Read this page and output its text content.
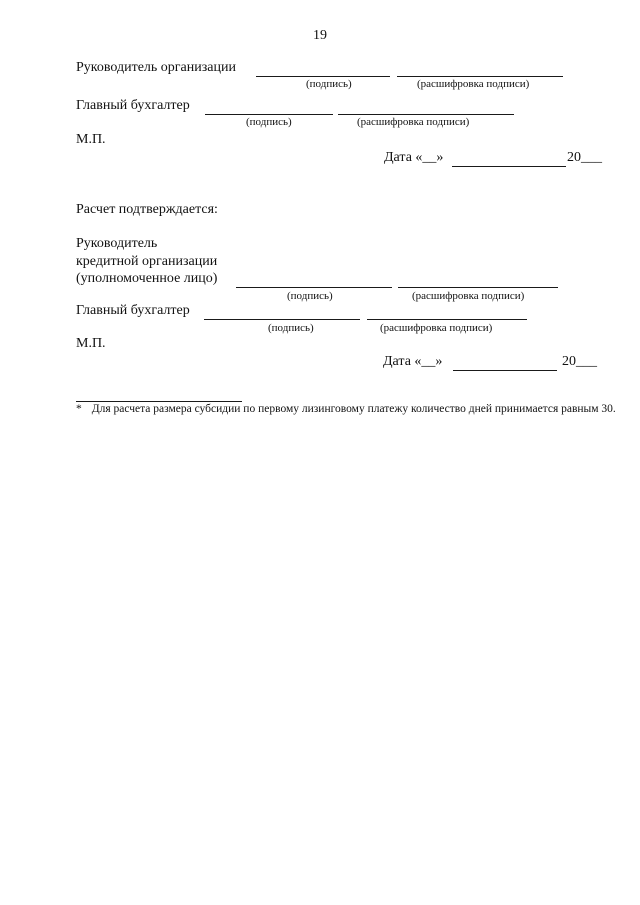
19
Руководитель организации
(подпись)	(расшифровка подписи)
Главный бухгалтер
(подпись)	(расшифровка подписи)
М.П.
Дата «__»	20___
Расчет подтверждается:
Руководитель
кредитной организации
(уполномоченное лицо)
(подпись)	(расшифровка подписи)
Главный бухгалтер
(подпись)	(расшифровка подписи)
М.П.
Дата «__»	20___
* Для расчета размера субсидии по первому лизинговому платежу количество дней принимается равным 30.
